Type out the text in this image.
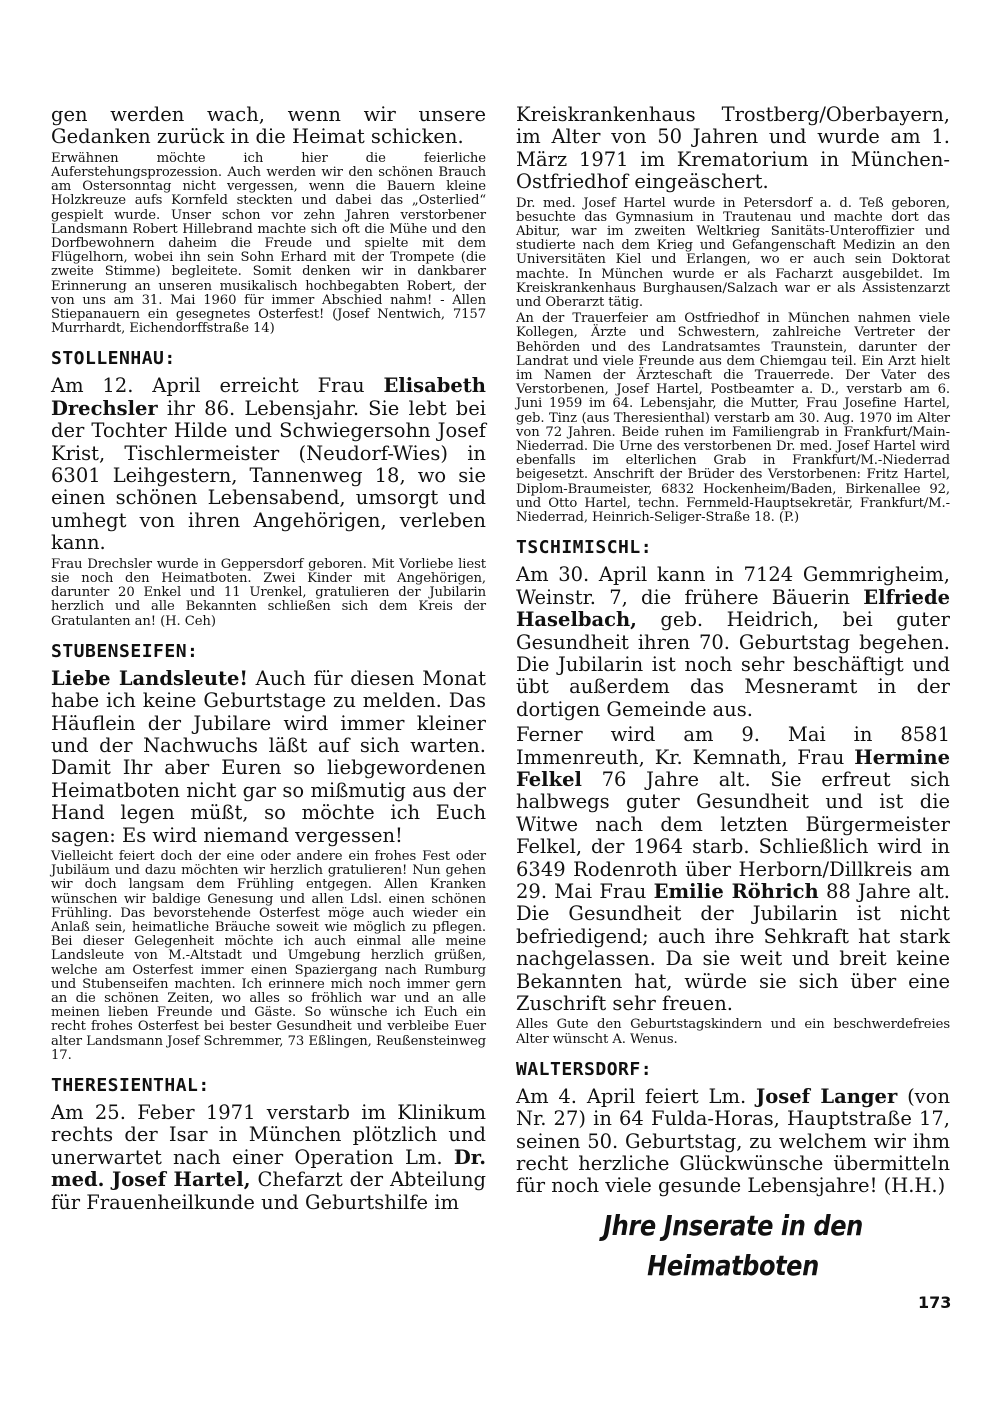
gen werden wach, wenn wir unsere Gedanken zurück in die Heimat schicken.

Erwähnen möchte ich hier die feierliche Auferstehungsprozession. Auch werden wir den schönen Brauch am Ostersonntag nicht vergessen, wenn die Bauern kleine Holzkreuze aufs Kornfeld steckten und dabei das „Osterlied“ gespielt wurde. Unser schon vor zehn Jahren verstorbener Landsmann Robert Hillebrand machte sich oft die Mühe und den Dorfbewohnern daheim die Freude und spielte mit dem Flügelhorn, wobei ihn sein Sohn Erhard mit der Trompete (die zweite Stimme) begleitete. Somit denken wir in dankbarer Erinnerung an unseren musikalisch hochbegabten Robert, der von uns am 31. Mai 1960 für immer Abschied nahm! - Allen Stiepanauern ein gesegnetes Osterfest! (Josef Nentwich, 7157 Murrhardt, Eichendorffstraße 14)

STOLLENHAU:

Am 12. April erreicht Frau Elisabeth Drechsler ihr 86. Lebensjahr. Sie lebt bei der Tochter Hilde und Schwiegersohn Josef Krist, Tischlermeister (Neudorf-Wies) in 6301 Leihgestern, Tannenweg 18, wo sie einen schönen Lebensabend, umsorgt und umhegt von ihren Angehörigen, verleben kann.

Frau Drechsler wurde in Geppersdorf geboren. Mit Vorliebe liest sie noch den Heimatboten. Zwei Kinder mit Angehörigen, darunter 20 Enkel und 11 Urenkel, gratulieren der Jubilarin herzlich und alle Bekannten schließen sich dem Kreis der Gratulanten an! (H. Ceh)

STUBENSEIFEN:

Liebe Landsleute! Auch für diesen Monat habe ich keine Geburtstage zu melden. Das Häuflein der Jubilare wird immer kleiner und der Nachwuchs läßt auf sich warten. Damit Ihr aber Euren so liebgewordenen Heimatboten nicht gar so mißmutig aus der Hand legen müßt, so möchte ich Euch sagen: Es wird niemand vergessen!

Vielleicht feiert doch der eine oder andere ein frohes Fest oder Jubiläum und dazu möchten wir herzlich gratulieren! Nun gehen wir doch langsam dem Frühling entgegen. Allen Kranken wünschen wir baldige Genesung und allen Ldsl. einen schönen Frühling. Das bevorstehende Osterfest möge auch wieder ein Anlaß sein, heimatliche Bräuche soweit wie möglich zu pflegen. Bei dieser Gelegenheit möchte ich auch einmal alle meine Landsleute von M.-Altstadt und Umgebung herzlich grüßen, welche am Osterfest immer einen Spaziergang nach Rumburg und Stubenseifen machten. Ich erinnere mich noch immer gern an die schönen Zeiten, wo alles so fröhlich war und an alle meinen lieben Freunde und Gäste. So wünsche ich Euch ein recht frohes Osterfest bei bester Gesundheit und verbleibe Euer alter Landsmann Josef Schremmer, 73 Eßlingen, Reußensteinweg 17.

THERESIENTHAL:

Am 25. Feber 1971 verstarb im Klinikum rechts der Isar in München plötzlich und unerwartet nach einer Operation Lm. Dr. med. Josef Hartel, Chefarzt der Abteilung für Frauenheilkunde und Geburtshilfe im

Kreiskrankenhaus Trostberg/Oberbayern, im Alter von 50 Jahren und wurde am 1. März 1971 im Krematorium in München-Ostfriedhof eingeäschert.

Dr. med. Josef Hartel wurde in Petersdorf a. d. Teß geboren, besuchte das Gymnasium in Trautenau und machte dort das Abitur, war im zweiten Weltkrieg Sanitäts-Unteroffizier und studierte nach dem Krieg und Gefangenschaft Medizin an den Universitäten Kiel und Erlangen, wo er auch sein Doktorat machte. In München wurde er als Facharzt ausgebildet. Im Kreiskrankenhaus Burghausen/Salzach war er als Assistenzarzt und Oberarzt tätig.

An der Trauerfeier am Ostfriedhof in München nahmen viele Kollegen, Ärzte und Schwestern, zahlreiche Vertreter der Behörden und des Landratsamtes Traunstein, darunter der Landrat und viele Freunde aus dem Chiemgau teil. Ein Arzt hielt im Namen der Ärzteschaft die Trauerrede. Der Vater des Verstorbenen, Josef Hartel, Postbeamter a. D., verstarb am 6. Juni 1959 im 64. Lebensjahr, die Mutter, Frau Josefine Hartel, geb. Tinz (aus Theresienthal) verstarb am 30. Aug. 1970 im Alter von 72 Jahren. Beide ruhen im Familiengrab in Frankfurt/Main-Niederrad. Die Urne des verstorbenen Dr. med. Josef Hartel wird ebenfalls im elterlichen Grab in Frankfurt/M.-Niederrad beigesetzt. Anschrift der Brüder des Verstorbenen: Fritz Hartel, Diplom-Braumeister, 6832 Hockenheim/Baden, Birkenallee 92, und Otto Hartel, techn. Fernmeld-Hauptsekretär, Frankfurt/M.-Niederrad, Heinrich-Seliger-Straße 18. (P.)

TSCHIMISCHL:

Am 30. April kann in 7124 Gemmrigheim, Weinstr. 7, die frühere Bäuerin Elfriede Haselbach, geb. Heidrich, bei guter Gesundheit ihren 70. Geburtstag begehen. Die Jubilarin ist noch sehr beschäftigt und übt außerdem das Mesneramt in der dortigen Gemeinde aus.

Ferner wird am 9. Mai in 8581 Immenreuth, Kr. Kemnath, Frau Hermine Felkel 76 Jahre alt. Sie erfreut sich halbwegs guter Gesundheit und ist die Witwe nach dem letzten Bürgermeister Felkel, der 1964 starb. Schließlich wird in 6349 Rodenroth über Herborn/Dillkreis am 29. Mai Frau Emilie Röhrich 88 Jahre alt. Die Gesundheit der Jubilarin ist nicht befriedigend; auch ihre Sehkraft hat stark nachgelassen. Da sie weit und breit keine Bekannten hat, würde sie sich über eine Zuschrift sehr freuen.

Alles Gute den Geburtstagskindern und ein beschwerdefreies Alter wünscht A. Wenus.

WALTERSDORF:

Am 4. April feiert Lm. Josef Langer (von Nr. 27) in 64 Fulda-Horas, Hauptstraße 17, seinen 50. Geburtstag, zu welchem wir ihm recht herzliche Glückwünsche übermitteln für noch viele gesunde Lebensjahre! (H.H.)

Jhre Jnserate in den Heimatboten
173
